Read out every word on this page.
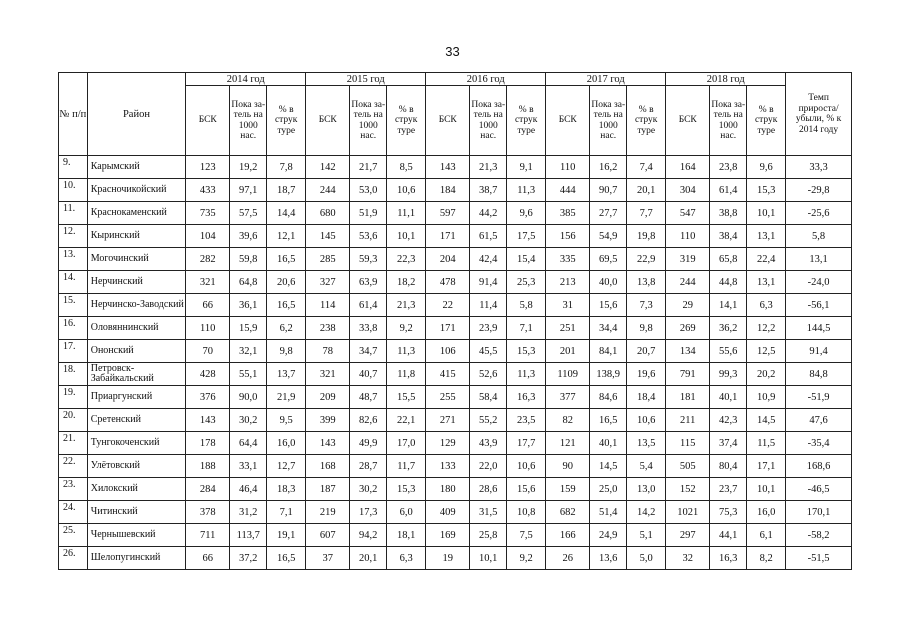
33
№ п/п	Район	2014 год			2015 год			2016 год			2017 год			2018 год			Темп прироста/ убыли, % к 2014 году

		БСК	Пока за- тель на 1000 нас.	% в струк туре	БСК	Пока за- тель на 1000 нас.	% в струк туре	БСК	Пока за- тель на 1000 нас.	% в струк туре	БСК	Пока за- тель на 1000 нас.	% в струк туре	БСК	Пока за- тель на 1000 нас.	% в струк туре	

9.	Карымский	123	19,2	7,8	142	21,7	8,5	143	21,3	9,1	110	16,2	7,4	164	23,8	9,6	33,3
10.	Красночикойский	433	97,1	18,7	244	53,0	10,6	184	38,7	11,3	444	90,7	20,1	304	61,4	15,3	-29,8
11.	Краснокаменский	735	57,5	14,4	680	51,9	11,1	597	44,2	9,6	385	27,7	7,7	547	38,8	10,1	-25,6
12.	Кыринский	104	39,6	12,1	145	53,6	10,1	171	61,5	17,5	156	54,9	19,8	110	38,4	13,1	5,8
13.	Могочинский	282	59,8	16,5	285	59,3	22,3	204	42,4	15,4	335	69,5	22,9	319	65,8	22,4	13,1
14.	Нерчинский	321	64,8	20,6	327	63,9	18,2	478	91,4	25,3	213	40,0	13,8	244	44,8	13,1	-24,0
15.	Нерчинско-Заводский	66	36,1	16,5	114	61,4	21,3	22	11,4	5,8	31	15,6	7,3	29	14,1	6,3	-56,1
16.	Оловяннинский	110	15,9	6,2	238	33,8	9,2	171	23,9	7,1	251	34,4	9,8	269	36,2	12,2	144,5
17.	Ононский	70	32,1	9,8	78	34,7	11,3	106	45,5	15,3	201	84,1	20,7	134	55,6	12,5	91,4
18.	Петровск-Забайкальский	428	55,1	13,7	321	40,7	11,8	415	52,6	11,3	1109	138,9	19,6	791	99,3	20,2	84,8
19.	Приаргунский	376	90,0	21,9	209	48,7	15,5	255	58,4	16,3	377	84,6	18,4	181	40,1	10,9	-51,9
20.	Сретенский	143	30,2	9,5	399	82,6	22,1	271	55,2	23,5	82	16,5	10,6	211	42,3	14,5	47,6
21.	Тунгокоченский	178	64,4	16,0	143	49,9	17,0	129	43,9	17,7	121	40,1	13,5	115	37,4	11,5	-35,4
22.	Улётовский	188	33,1	12,7	168	28,7	11,7	133	22,0	10,6	90	14,5	5,4	505	80,4	17,1	168,6
23.	Хилокский	284	46,4	18,3	187	30,2	15,3	180	28,6	15,6	159	25,0	13,0	152	23,7	10,1	-46,5
24.	Читинский	378	31,2	7,1	219	17,3	6,0	409	31,5	10,8	682	51,4	14,2	1021	75,3	16,0	170,1
25.	Чернышевский	711	113,7	19,1	607	94,2	18,1	169	25,8	7,5	166	24,9	5,1	297	44,1	6,1	-58,2
26.	Шелопугинский	66	37,2	16,5	37	20,1	6,3	19	10,1	9,2	26	13,6	5,0	32	16,3	8,2	-51,5
